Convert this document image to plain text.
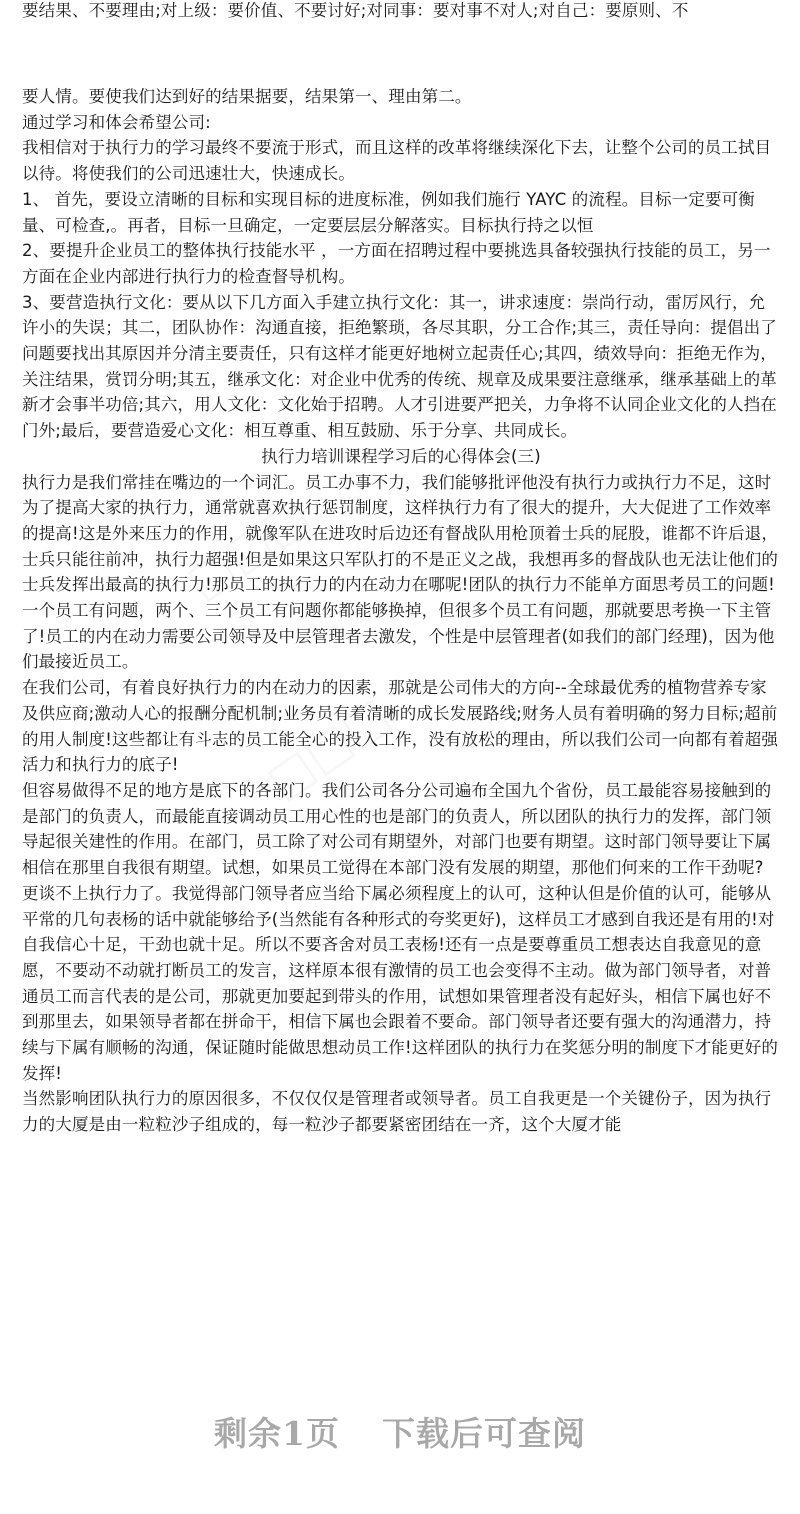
要结果、不要理由;对上级：要价值、不要讨好;对同事：要对事不对人;对自己：要原则、不

要人情。要使我们达到好的结果据要，结果第一、理由第二。

通过学习和体会希望公司:

我相信对于执行力的学习最终不要流于形式，而且这样的改革将继续深化下去，让整个公司的员工拭目以待。将使我们的公司迅速壮大，快速成长。

1、 首先，要设立清晰的目标和实现目标的进度标准，例如我们施行 YAYC 的流程。目标一定要可衡量、可检查,。再者，目标一旦确定，一定要层层分解落实。目标执行持之以恒

2、要提升企业员工的整体执行技能水平 ，一方面在招聘过程中要挑选具备较强执行技能的员工，另一方面在企业内部进行执行力的检查督导机构。

3、要营造执行文化：要从以下几方面入手建立执行文化：其一，讲求速度：崇尚行动，雷厉风行，允许小的失误；其二，团队协作：沟通直接，拒绝繁琐，各尽其职，分工合作;其三，责任导向：提倡出了问题要找出其原因并分清主要责任，只有这样才能更好地树立起责任心;其四，绩效导向：拒绝无作为，关注结果，赏罚分明;其五，继承文化：对企业中优秀的传统、规章及成果要注意继承，继承基础上的革新才会事半功倍;其六，用人文化：文化始于招聘。人才引进要严把关，力争将不认同企业文化的人挡在门外;最后，要营造爱心文化：相互尊重、相互鼓励、乐于分享、共同成长。

执行力培训课程学习后的心得体会(三)

执行力是我们常挂在嘴边的一个词汇。员工办事不力，我们能够批评他没有执行力或执行力不足，这时为了提高大家的执行力，通常就喜欢执行惩罚制度，这样执行力有了很大的提升，大大促进了工作效率的提高!这是外来压力的作用，就像军队在进攻时后边还有督战队用枪顶着士兵的屁股，谁都不许后退，士兵只能往前冲，执行力超强!但是如果这只军队打的不是正义之战，我想再多的督战队也无法让他们的士兵发挥出最高的执行力!那员工的执行力的内在动力在哪呢!团队的执行力不能单方面思考员工的问题!一个员工有问题，两个、三个员工有问题你都能够换掉，但很多个员工有问题，那就要思考换一下主管了!员工的内在动力需要公司领导及中层管理者去激发，个性是中层管理者(如我们的部门经理)，因为他们最接近员工。

在我们公司，有着良好执行力的内在动力的因素，那就是公司伟大的方向--全球最优秀的植物营养专家及供应商;激动人心的报酬分配机制;业务员有着清晰的成长发展路线;财务人员有着明确的努力目标;超前的用人制度!这些都让有斗志的员工能全心的投入工作，没有放松的理由，所以我们公司一向都有着超强活力和执行力的底子!

但容易做得不足的地方是底下的各部门。我们公司各分公司遍布全国九个省份，员工最能容易接触到的是部门的负责人，而最能直接调动员工用心性的也是部门的负责人，所以团队的执行力的发挥，部门领导起很关建性的作用。在部门，员工除了对公司有期望外，对部门也要有期望。这时部门领导要让下属相信在那里自我很有期望。试想，如果员工觉得在本部门没有发展的期望，那他们何来的工作干劲呢?更谈不上执行力了。我觉得部门领导者应当给下属必须程度上的认可，这种认但是价值的认可，能够从平常的几句表杨的话中就能够给予(当然能有各种形式的夸奖更好)，这样员工才感到自我还是有用的!对自我信心十足，干劲也就十足。所以不要吝舍对员工表杨!还有一点是要尊重员工想表达自我意见的意愿，不要动不动就打断员工的发言，这样原本很有激情的员工也会变得不主动。做为部门领导者，对普通员工而言代表的是公司，那就更加要起到带头的作用，试想如果管理者没有起好头，相信下属也好不到那里去，如果领导者都在拼命干，相信下属也会跟着不要命。部门领导者还要有强大的沟通潜力，持续与下属有顺畅的沟通，保证随时能做思想动员工作!这样团队的执行力在奖惩分明的制度下才能更好的发挥!

当然影响团队执行力的原因很多，不仅仅仅是管理者或领导者。员工自我更是一个关键份子，因为执行力的大厦是由一粒粒沙子组成的，每一粒沙子都要紧密团结在一齐，这个大厦才能

剩余1页 下载后可查阅
